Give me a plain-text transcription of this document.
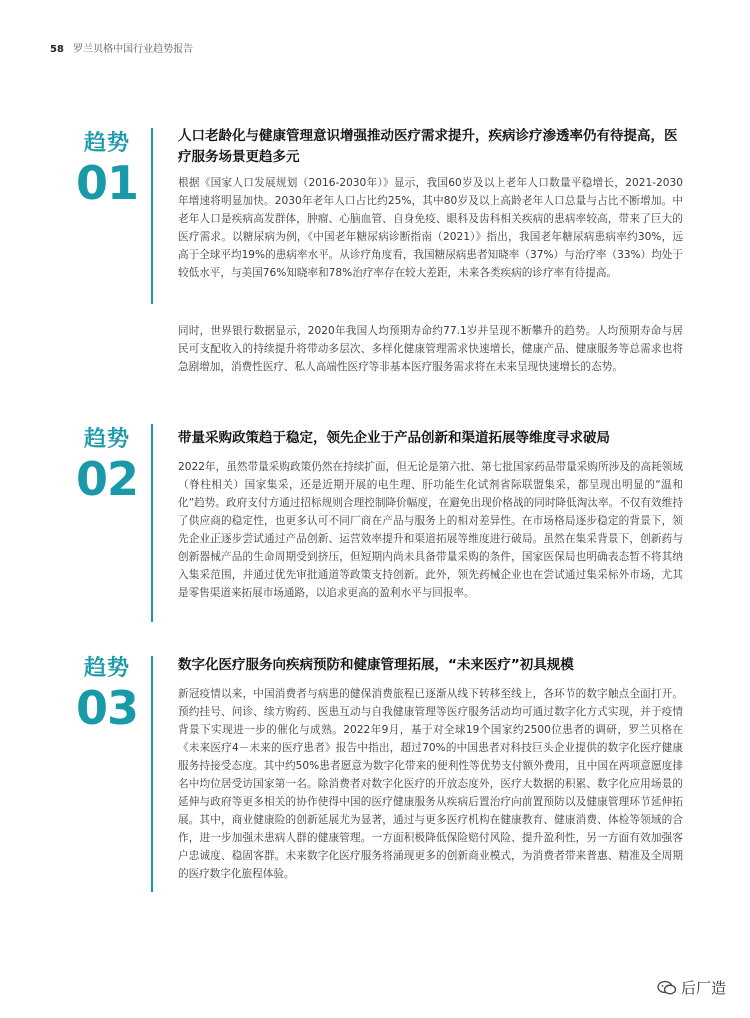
58 罗兰贝格中国行业趋势报告
趋势
01
人口老龄化与健康管理意识增强推动医疗需求提升，疾病诊疗渗透率仍有待提高，医疗服务场景更趋多元

根据《国家人口发展规划（2016-2030年）》显示，我国60岁及以上老年人口数量平稳增长，2021-2030年增速将明显加快。2030年老年人口占比约25%，其中80岁及以上高龄老年人口总量与占比不断增加。中老年人口是疾病高发群体，肿瘤、心脑血管、自身免疫、眼科及齿科相关疾病的患病率较高，带来了巨大的医疗需求。以糖尿病为例，《中国老年糖尿病诊断指南（2021）》指出，我国老年糖尿病患病率约30%，远高于全球平均19%的患病率水平。从诊疗角度看，我国糖尿病患者知晓率（37%）与治疗率（33%）均处于较低水平，与美国76%知晓率和78%治疗率存在较大差距，未来各类疾病的诊疗率有待提高。

同时，世界银行数据显示，2020年我国人均预期寿命约77.1岁并呈现不断攀升的趋势。人均预期寿命与居民可支配收入的持续提升将带动多层次、多样化健康管理需求快速增长，健康产品、健康服务等总需求也将急剧增加，消费性医疗、私人高端性医疗等非基本医疗服务需求将在未来呈现快速增长的态势。

趋势
02
带量采购政策趋于稳定，领先企业于产品创新和渠道拓展等维度寻求破局

2022年，虽然带量采购政策仍然在持续扩面，但无论是第六批、第七批国家药品带量采购所涉及的高耗领域（脊柱相关）国家集采，还是近期开展的电生理、肝功能生化试剂省际联盟集采，都呈现出明显的“温和化”趋势。政府支付方通过招标规则合理控制降价幅度，在避免出现价格战的同时降低淘汰率。不仅有效维持了供应商的稳定性，也更多认可不同厂商在产品与服务上的相对差异性。在市场格局逐步稳定的背景下，领先企业正逐步尝试通过产品创新、运营效率提升和渠道拓展等维度进行破局。虽然在集采背景下，创新药与创新器械产品的生命周期受到挤压，但短期内尚未具备带量采购的条件，国家医保局也明确表态暂不将其纳入集采范围，并通过优先审批通道等政策支持创新。此外，领先药械企业也在尝试通过集采标外市场，尤其是零售渠道来拓展市场通路，以追求更高的盈利水平与回报率。

趋势
03
数字化医疗服务向疾病预防和健康管理拓展，“未来医疗”初具规模

新冠疫情以来，中国消费者与病患的健保消费旅程已逐渐从线下转移至线上，各环节的数字触点全面打开。预约挂号、问诊、续方购药、医患互动与自我健康管理等医疗服务活动均可通过数字化方式实现，并于疫情背景下实现进一步的催化与成熟。2022年9月，基于对全球19个国家约2500位患者的调研，罗兰贝格在《未来医疗4－未来的医疗患者》报告中指出，超过70%的中国患者对科技巨头企业提供的数字化医疗健康服务持接受态度。其中约50%患者愿意为数字化带来的便利性等优势支付额外费用，且中国在两项意愿度排名中均位居受访国家第一名。除消费者对数字化医疗的开放态度外，医疗大数据的积累、数字化应用场景的延伸与政府等更多相关的协作使得中国的医疗健康服务从疾病后置治疗向前置预防以及健康管理环节延伸拓展。其中，商业健康险的创新延展尤为显著，通过与更多医疗机构在健康教育、健康消费、体检等领域的合作，进一步加强未患病人群的健康管理。一方面积极降低保险赔付风险、提升盈利性，另一方面有效加强客户忠诚度、稳固客群。未来数字化医疗服务将涌现更多的创新商业模式，为消费者带来普惠、精准及全周期的医疗数字化旅程体验。

后厂造
